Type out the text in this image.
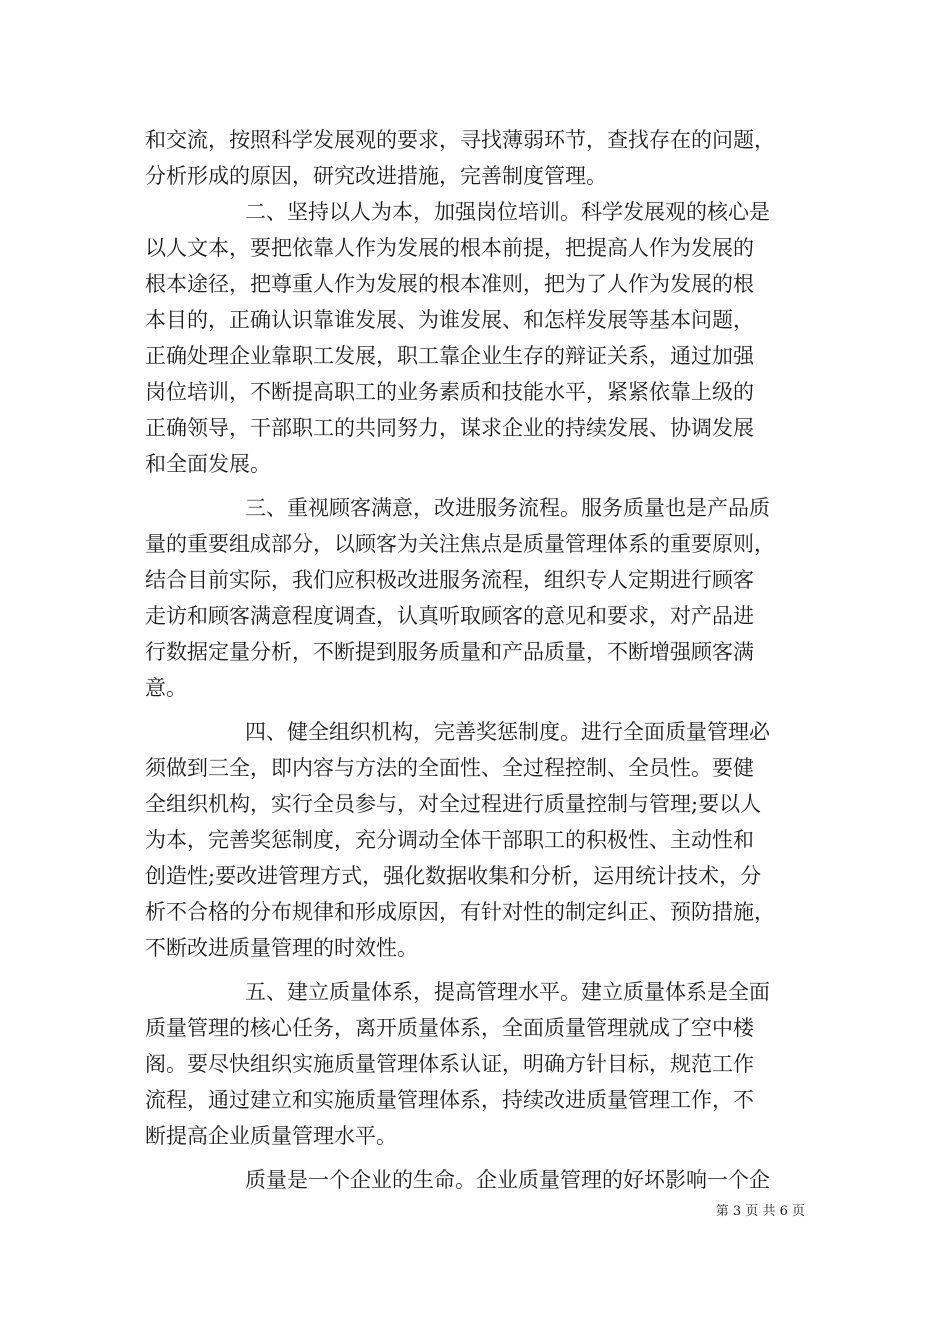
和交流，按照科学发展观的要求，寻找薄弱环节，查找存在的问题，
分析形成的原因，研究改进措施，完善制度管理。
二、坚持以人为本，加强岗位培训。科学发展观的核心是
以人文本，要把依靠人作为发展的根本前提，把提高人作为发展的
根本途径，把尊重人作为发展的根本准则，把为了人作为发展的根
本目的，正确认识靠谁发展、为谁发展、和怎样发展等基本问题，
正确处理企业靠职工发展，职工靠企业生存的辩证关系，通过加强
岗位培训，不断提高职工的业务素质和技能水平，紧紧依靠上级的
正确领导，干部职工的共同努力，谋求企业的持续发展、协调发展
和全面发展。
三、重视顾客满意，改进服务流程。服务质量也是产品质
量的重要组成部分，以顾客为关注焦点是质量管理体系的重要原则，
结合目前实际，我们应积极改进服务流程，组织专人定期进行顾客
走访和顾客满意程度调查，认真听取顾客的意见和要求，对产品进
行数据定量分析，不断提到服务质量和产品质量，不断增强顾客满
意。
四、健全组织机构，完善奖惩制度。进行全面质量管理必
须做到三全，即内容与方法的全面性、全过程控制、全员性。要健
全组织机构，实行全员参与，对全过程进行质量控制与管理;要以人
为本，完善奖惩制度，充分调动全体干部职工的积极性、主动性和
创造性;要改进管理方式，强化数据收集和分析，运用统计技术，分
析不合格的分布规律和形成原因，有针对性的制定纠正、预防措施，
不断改进质量管理的时效性。
五、建立质量体系，提高管理水平。建立质量体系是全面
质量管理的核心任务，离开质量体系，全面质量管理就成了空中楼
阁。要尽快组织实施质量管理体系认证，明确方针目标，规范工作
流程，通过建立和实施质量管理体系，持续改进质量管理工作，不
断提高企业质量管理水平。
质量是一个企业的生命。企业质量管理的好坏影响一个企
第 3 页 共 6 页
